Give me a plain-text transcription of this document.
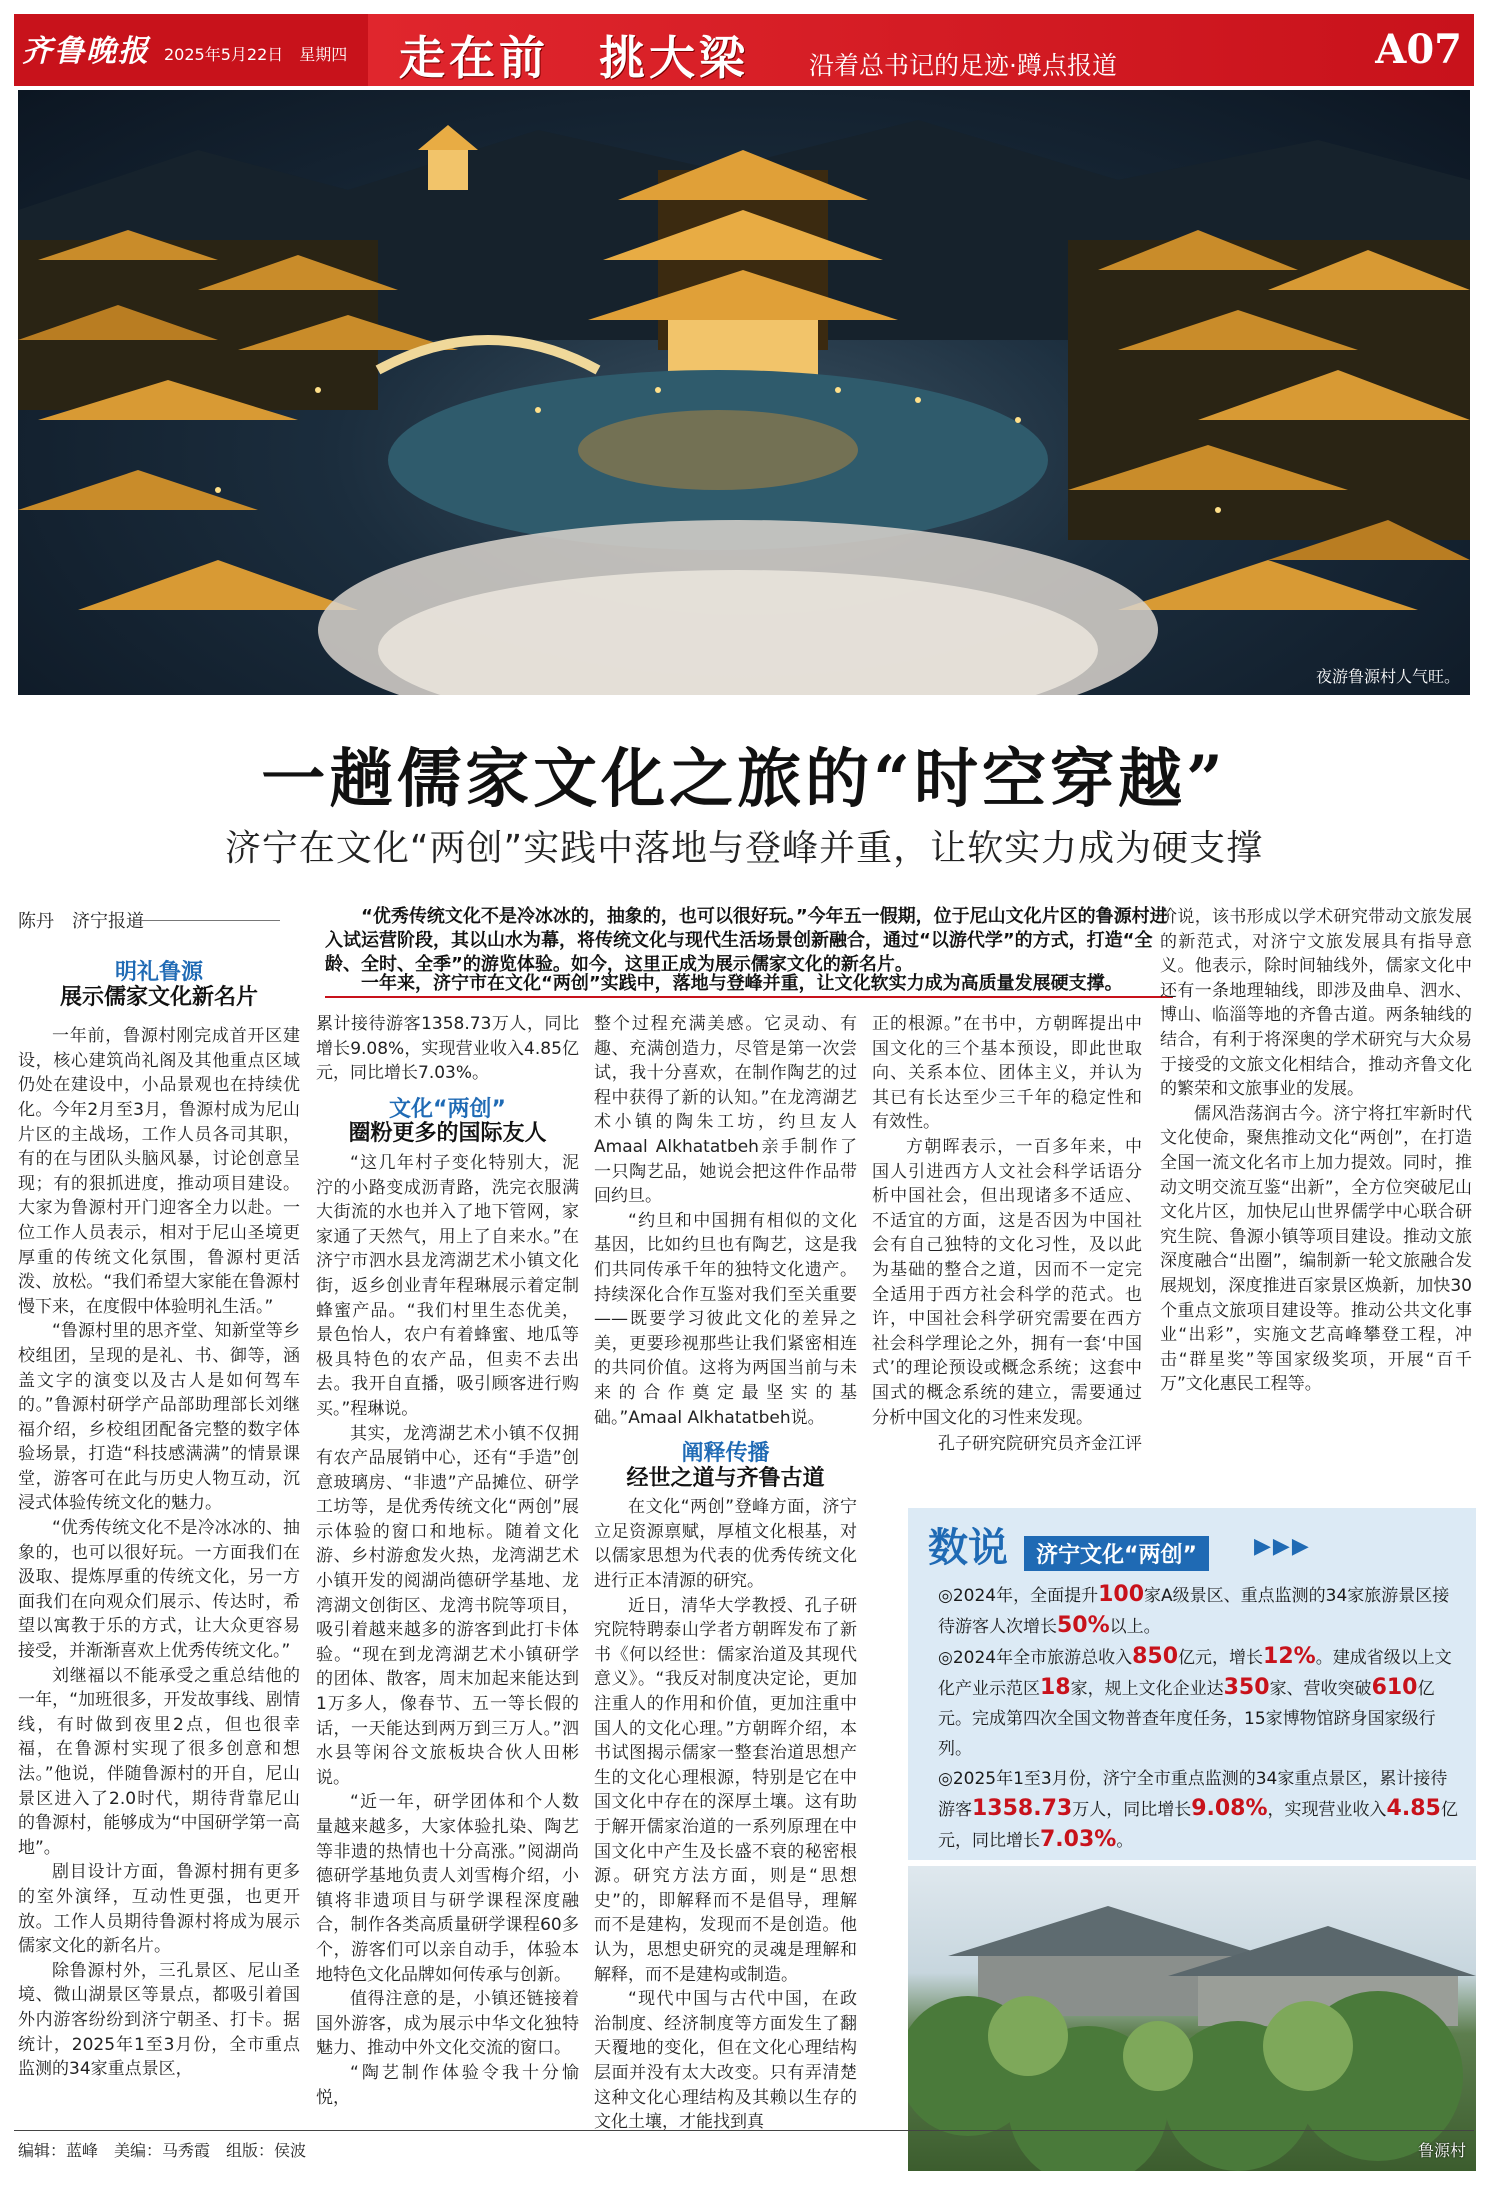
齐鲁晚报 2025年5月22日　星期四 走在前　挑大梁 沿着总书记的足迹·蹲点报道	A07
夜游鲁源村人气旺。
一趟儒家文化之旅的“时空穿越”
济宁在文化“两创”实践中落地与登峰并重，让软实力成为硬支撑
陈丹　济宁报道	“优秀传统文化不是冷冰冰的，抽象的，也可以很好玩。”今年五一假期，位于尼山文化片区的鲁源村进入试运营阶段，其以山水为幕，将传统文化与现代生活场景创新融合，通过“以游代学”的方式，打造“全龄、全时、全季”的游览体验。如今，这里正成为展示儒家文化的新名片。
一年来，济宁市在文化“两创”实践中，落地与登峰并重，让文化软实力成为高质量发展硬支撑。
明礼鲁源
展示儒家文化新名片

一年前，鲁源村刚完成首开区建设，核心建筑尚礼阁及其他重点区域仍处在建设中，小品景观也在持续优化。今年2月至3月，鲁源村成为尼山片区的主战场，工作人员各司其职，有的在与团队头脑风暴，讨论创意呈现；有的狠抓进度，推动项目建设。大家为鲁源村开门迎客全力以赴。一位工作人员表示，相对于尼山圣境更厚重的传统文化氛围，鲁源村更活泼、放松。“我们希望大家能在鲁源村慢下来，在度假中体验明礼生活。”

“鲁源村里的思齐堂、知新堂等乡校组团，呈现的是礼、书、御等，涵盖文字的演变以及古人是如何驾车的。”鲁源村研学产品部助理部长刘继福介绍，乡校组团配备完整的数字体验场景，打造“科技感满满”的情景课堂，游客可在此与历史人物互动，沉浸式体验传统文化的魅力。

“优秀传统文化不是冷冰冰的、抽象的，也可以很好玩。一方面我们在汲取、提炼厚重的传统文化，另一方面我们在向观众们展示、传达时，希望以寓教于乐的方式，让大众更容易接受，并渐渐喜欢上优秀传统文化。”

刘继福以不能承受之重总结他的一年，“加班很多，开发故事线、剧情线，有时做到夜里2点，但也很幸福，在鲁源村实现了很多创意和想法。”他说，伴随鲁源村的开自，尼山景区进入了2.0时代，期待背靠尼山的鲁源村，能够成为“中国研学第一高地”。

剧目设计方面，鲁源村拥有更多的室外演绎，互动性更强，也更开放。工作人员期待鲁源村将成为展示儒家文化的新名片。

除鲁源村外，三孔景区、尼山圣境、微山湖景区等景点，都吸引着国外内游客纷纷到济宁朝圣、打卡。据统计，2025年1至3月份，全市重点监测的34家重点景区，

累计接待游客1358.73万人，同比增长9.08%，实现营业收入4.85亿元，同比增长7.03%。

文化“两创”
圈粉更多的国际友人

“这几年村子变化特别大，泥泞的小路变成沥青路，洗完衣服满大街流的水也并入了地下管网，家家通了天然气，用上了自来水。”在济宁市泗水县龙湾湖艺术小镇文化街，返乡创业青年程琳展示着定制蜂蜜产品。“我们村里生态优美，景色怡人，农户有着蜂蜜、地瓜等极具特色的农产品，但卖不去出去。我开自直播，吸引顾客进行购买。”程琳说。

其实，龙湾湖艺术小镇不仅拥有农产品展销中心，还有“手造”创意玻璃房、“非遗”产品摊位、研学工坊等，是优秀传统文化“两创”展示体验的窗口和地标。随着文化游、乡村游愈发火热，龙湾湖艺术小镇开发的阅湖尚德研学基地、龙湾湖文创街区、龙湾书院等项目，吸引着越来越多的游客到此打卡体验。“现在到龙湾湖艺术小镇研学的团体、散客，周末加起来能达到1万多人，像春节、五一等长假的话，一天能达到两万到三万人。”泗水县等闲谷文旅板块合伙人田彬说。

“近一年，研学团体和个人数量越来越多，大家体验扎染、陶艺等非遗的热情也十分高涨。”阅湖尚德研学基地负责人刘雪梅介绍，小镇将非遗项目与研学课程深度融合，制作各类高质量研学课程60多个，游客们可以亲自动手，体验本地特色文化品牌如何传承与创新。

值得注意的是，小镇还链接着国外游客，成为展示中华文化独特魅力、推动中外文化交流的窗口。

“陶艺制作体验令我十分愉悦，

整个过程充满美感。它灵动、有趣、充满创造力，尽管是第一次尝试，我十分喜欢，在制作陶艺的过程中获得了新的认知。”在龙湾湖艺术小镇的陶朱工坊，约旦友人Amaal Alkhatatbeh亲手制作了一只陶艺品，她说会把这件作品带回约旦。

“约旦和中国拥有相似的文化基因，比如约旦也有陶艺，这是我们共同传承千年的独特文化遗产。持续深化合作互鉴对我们至关重要——既要学习彼此文化的差异之美，更要珍视那些让我们紧密相连的共同价值。这将为两国当前与未来的合作奠定最坚实的基础。”Amaal Alkhatatbeh说。

阐释传播
经世之道与齐鲁古道

在文化“两创”登峰方面，济宁立足资源禀赋，厚植文化根基，对以儒家思想为代表的优秀传统文化进行正本清源的研究。

近日，清华大学教授、孔子研究院特聘泰山学者方朝晖发布了新书《何以经世：儒家治道及其现代意义》。“我反对制度决定论，更加注重人的作用和价值，更加注重中国人的文化心理。”方朝晖介绍，本书试图揭示儒家一整套治道思想产生的文化心理根源，特别是它在中国文化中存在的深厚土壤。这有助于解开儒家治道的一系列原理在中国文化中产生及长盛不衰的秘密根源。研究方法方面，则是“思想史”的，即解释而不是倡导，理解而不是建构，发现而不是创造。他认为，思想史研究的灵魂是理解和解释，而不是建构或制造。

“现代中国与古代中国，在政治制度、经济制度等方面发生了翻天覆地的变化，但在文化心理结构层面并没有太大改变。只有弄清楚这种文化心理结构及其赖以生存的文化土壤，才能找到真

正的根源。”在书中，方朝晖提出中国文化的三个基本预设，即此世取向、关系本位、团体主义，并认为其已有长达至少三千年的稳定性和有效性。

方朝晖表示，一百多年来，中国人引进西方人文社会科学话语分析中国社会，但出现诸多不适应、不适宜的方面，这是否因为中国社会有自己独特的文化习性，及以此为基础的整合之道，因而不一定完全适用于西方社会科学的范式。也许，中国社会科学研究需要在西方社会科学理论之外，拥有一套‘中国式’的理论预设或概念系统；这套中国式的概念系统的建立，需要通过分析中国文化的习性来发现。

孔子研究院研究员齐金江评

价说，该书形成以学术研究带动文旅发展的新范式，对济宁文旅发展具有指导意义。他表示，除时间轴线外，儒家文化中还有一条地理轴线，即涉及曲阜、泗水、博山、临淄等地的齐鲁古道。两条轴线的结合，有利于将深奥的学术研究与大众易于接受的文旅文化相结合，推动齐鲁文化的繁荣和文旅事业的发展。

儒风浩荡润古今。济宁将扛牢新时代文化使命，聚焦推动文化“两创”，在打造全国一流文化名市上加力提效。同时，推动文明交流互鉴“出新”，全方位突破尼山文化片区，加快尼山世界儒学中心联合研究生院、鲁源小镇等项目建设。推动文旅深度融合“出圈”，编制新一轮文旅融合发展规划，深度推进百家景区焕新，加快30个重点文旅项目建设等。推动公共文化事业“出彩”，实施文艺高峰攀登工程，冲击“群星奖”等国家级奖项，开展“百千万”文化惠民工程等。

数说	济宁文化“两创”	▶▶▶

◎2024年，全面提升100家A级景区、重点监测的34家旅游景区接待游客人次增长50%以上。

◎2024年全市旅游总收入850亿元，增长12%。建成省级以上文化产业示范区18家，规上文化企业达350家、营收突破610亿元。完成第四次全国文物普查年度任务，15家博物馆跻身国家级行列。

◎2025年1至3月份，济宁全市重点监测的34家重点景区，累计接待游客1358.73万人，同比增长9.08%，实现营业收入4.85亿元，同比增长7.03%。

鲁源村
编辑：蓝峰　美编：马秀霞　组版：侯波
